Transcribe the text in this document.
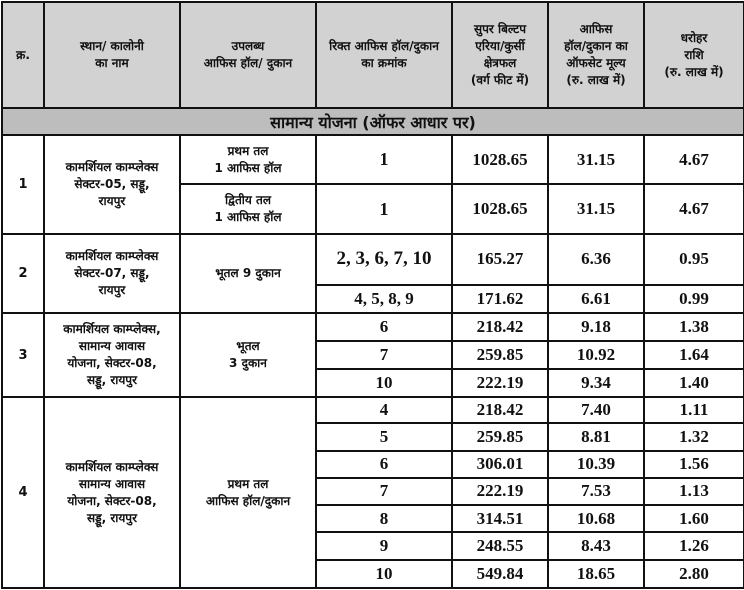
क्र.	स्थान/ कालोनी
का नाम	उपलब्ध
आफिस हॉल/ दुकान	रिक्त आफिस हॉल/दुकान
का क्रमांक	सुपर बिल्टप
एरिया/कुर्सी
क्षेत्रफल
(वर्ग फीट में)	आफिस
हॉल/दुकान का
ऑफसेट मूल्य
(रु. लाख में)	धरोहर
राशि
(रु. लाख में)
सामान्य योजना (ऑफर आधार पर)						
1	कामर्शियल काम्प्लेक्स
सेक्टर-05, सड्डू,
रायपुर	प्रथम तल
1 आफिस हॉल	1	1028.65	31.15	4.67
		द्वितीय तल
1 आफिस हॉल	1	1028.65	31.15	4.67
2	कामर्शियल काम्प्लेक्स
सेक्टर-07, सड्डू,
रायपुर	भूतल 9 दुकान	2, 3, 6, 7, 10	165.27	6.36	0.95
			4, 5, 8, 9	171.62	6.61	0.99
3	कामर्शियल काम्प्लेक्स,
सामान्य आवास
योजना, सेक्टर-08,
सड्डू, रायपुर	भूतल
3 दुकान	6	218.42	9.18	1.38
			7	259.85	10.92	1.64
			10	222.19	9.34	1.40
4	कामर्शियल काम्प्लेक्स
सामान्य आवास
योजना, सेक्टर-08,
सड्डू, रायपुर	प्रथम तल
आफिस हॉल/दुकान	4	218.42	7.40	1.11
			5	259.85	8.81	1.32
			6	306.01	10.39	1.56
			7	222.19	7.53	1.13
			8	314.51	10.68	1.60
			9	248.55	8.43	1.26
			10	549.84	18.65	2.80
